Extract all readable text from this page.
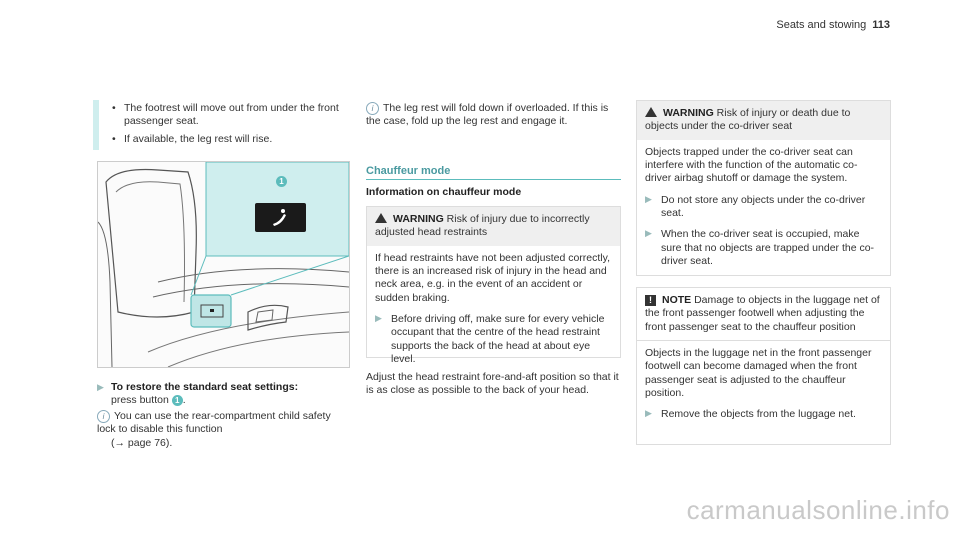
Seats and stowing 113
• The footrest will move out from under the front passenger seat.
• If available, the leg rest will rise.
1
▶ To restore the standard seat settings:
press button 1 .
i You can use the rear-compartment child safety lock to disable this function
(→ page 76).
i The leg rest will fold down if overloaded. If this is the case, fold up the leg rest and engage it.
Chauffeur mode
Information on chauffeur mode
WARNING Risk of injury due to incorrectly adjusted head restraints
If head restraints have not been adjusted correctly, there is an increased risk of injury in the head and neck area, e.g. in the event of an accident or sudden braking.
▶ Before driving off, make sure for every vehicle occupant that the centre of the head restraint supports the back of the head at about eye level.
Adjust the head restraint fore-and-aft position so that it is as close as possible to the back of your head.
WARNING Risk of injury or death due to objects under the co-driver seat
Objects trapped under the co-driver seat can interfere with the function of the automatic co-driver airbag shutoff or damage the system.
▶ Do not store any objects under the co-driver seat.
▶ When the co-driver seat is occupied, make sure that no objects are trapped under the co-driver seat.
! NOTE Damage to objects in the luggage net of the front passenger footwell when adjusting the front passenger seat to the chauffeur position
Objects in the luggage net in the front passenger footwell can become damaged when the front passenger seat is adjusted to the chauffeur position.
▶ Remove the objects from the luggage net.
carmanualsonline.info
